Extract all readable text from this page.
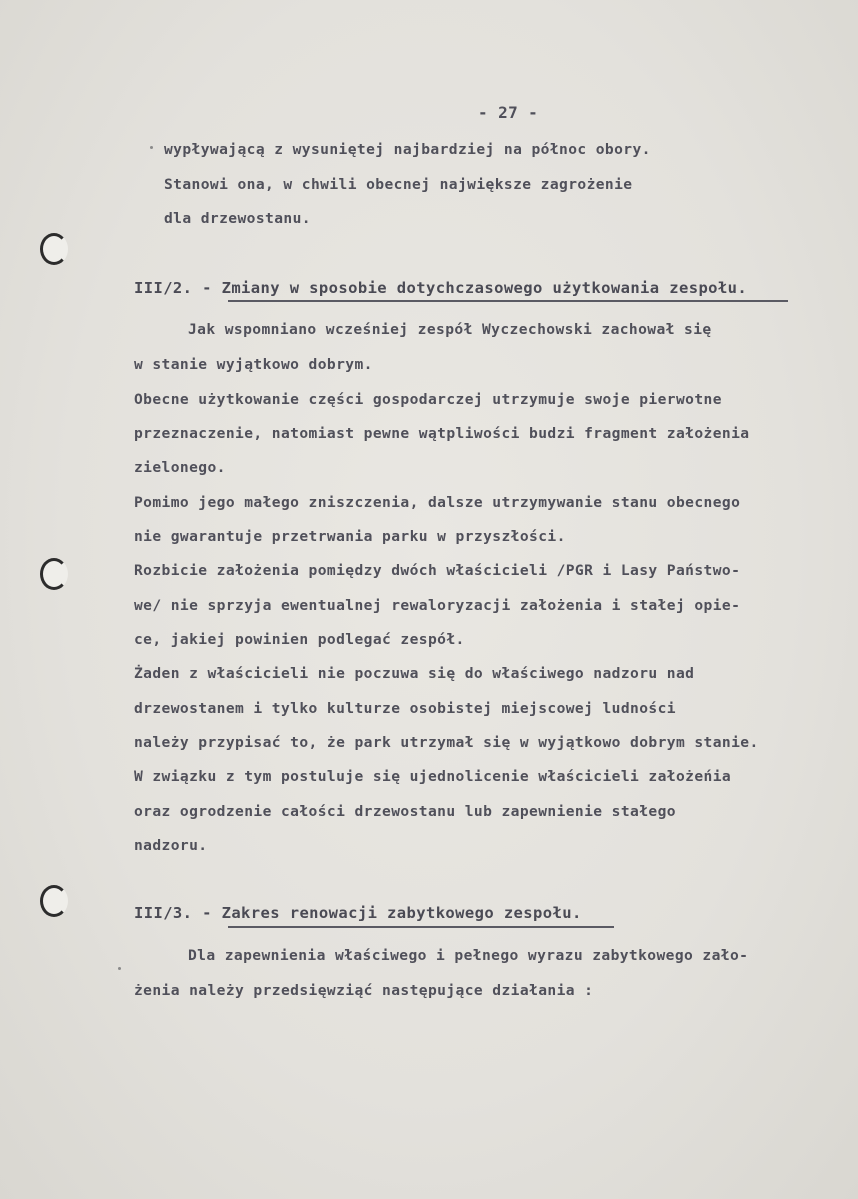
- 27 -
wypływającą z wysuniętej najbardziej na północ obory.
Stanowi ona, w chwili obecnej największe zagrożenie
dla drzewostanu.
III/2. - Zmiany w sposobie dotychczasowego użytkowania zespołu.
Jak wspomniano wcześniej zespół Wyczechowski zachował się
w stanie wyjątkowo dobrym.
Obecne użytkowanie części gospodarczej utrzymuje swoje pierwotne
przeznaczenie, natomiast pewne wątpliwości budzi fragment założenia
zielonego.
Pomimo jego małego zniszczenia, dalsze utrzymywanie stanu obecnego
nie gwarantuje przetrwania parku w przyszłości.
Rozbicie założenia pomiędzy dwóch właścicieli /PGR i Lasy Państwo-
we/ nie sprzyja ewentualnej rewaloryzacji założenia i stałej opie-
ce, jakiej powinien podlegać zespół.
Żaden z właścicieli nie poczuwa się do właściwego nadzoru nad
drzewostanem i tylko kulturze osobistej miejscowej ludności
należy przypisać to, że park utrzymał się w wyjątkowo dobrym stanie.
W związku z tym postuluje się ujednolicenie właścicieli założeńia
oraz ogrodzenie całości drzewostanu lub zapewnienie stałego
nadzoru.
III/3. - Zakres renowacji zabytkowego zespołu.
Dla zapewnienia właściwego i pełnego wyrazu zabytkowego zało-
żenia należy przedsięwziąć następujące działania :
